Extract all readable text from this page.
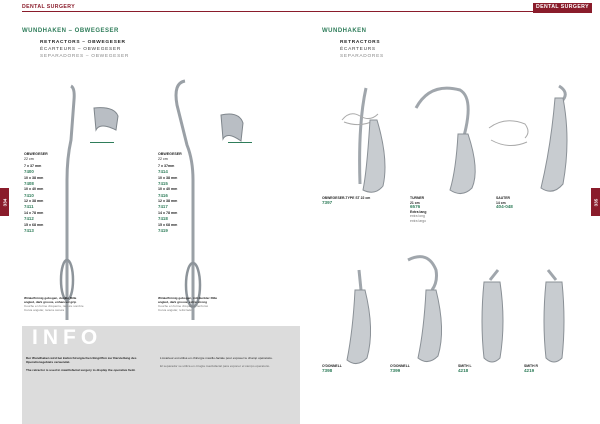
DENTAL SURGERY
334
WUNDHAKEN – OBWEGESER
RETRACTORS – OBWEGESER
ÉCARTEURS – OBWEGESER
SEPARADORES – OBWEGESER
OBWEGESER
22 cm
7 x 37 mm
7400
10 x 38 mm
7408
10 x 40 mm
7410
12 x 38 mm
7411
14 x 78 mm
7412
15 x 68 mm
7413
OBWEGESER
22 cm
7 x 37mm
7414
10 x 38 mm
7415
10 x 40 mm
7416
12 x 38 mm
7417
14 x 78 mm
7418
15 x 68 mm
7419
Winkelförmig gebogen, dunkle Rille
angled, dark groove, enhanced grip
Courbe en forme d'équerre, rainure sombre
Curva angular, ranura oscura
Winkelförmig gebogen, mit dunkler Rille
angled, dark groove, extra strong
Courbe en forme d'équerre, renforcé
Curva angular, reforzado
INFO
Der Wundhaken wird bei kieferchirurgischen Eingriffen zur Darstellung des Operationsgebiets verwendet.

The retractor is used in maxillofacial surgery to display the operative field.
L'écarteur est utilisé en chirurgie maxillo-faciale pour exposer le champ opératoire.

El separador se utiliza en cirugía maxilofacial para exponer el campo operatorio.
DENTAL SURGERY
335
WUNDHAKEN
RETRACTORS
ÉCARTEURS
SEPARADORES
OBWEGESER-TYPE ST 22 cm
7397
TURNER
21 cm
6576
Extra lang
extra long
extra largo
SAUTER
14 cm
404-048
O'DONNELL
7398
O'DONNELL
7399
SMITH L
4218
SMITH R
4219
